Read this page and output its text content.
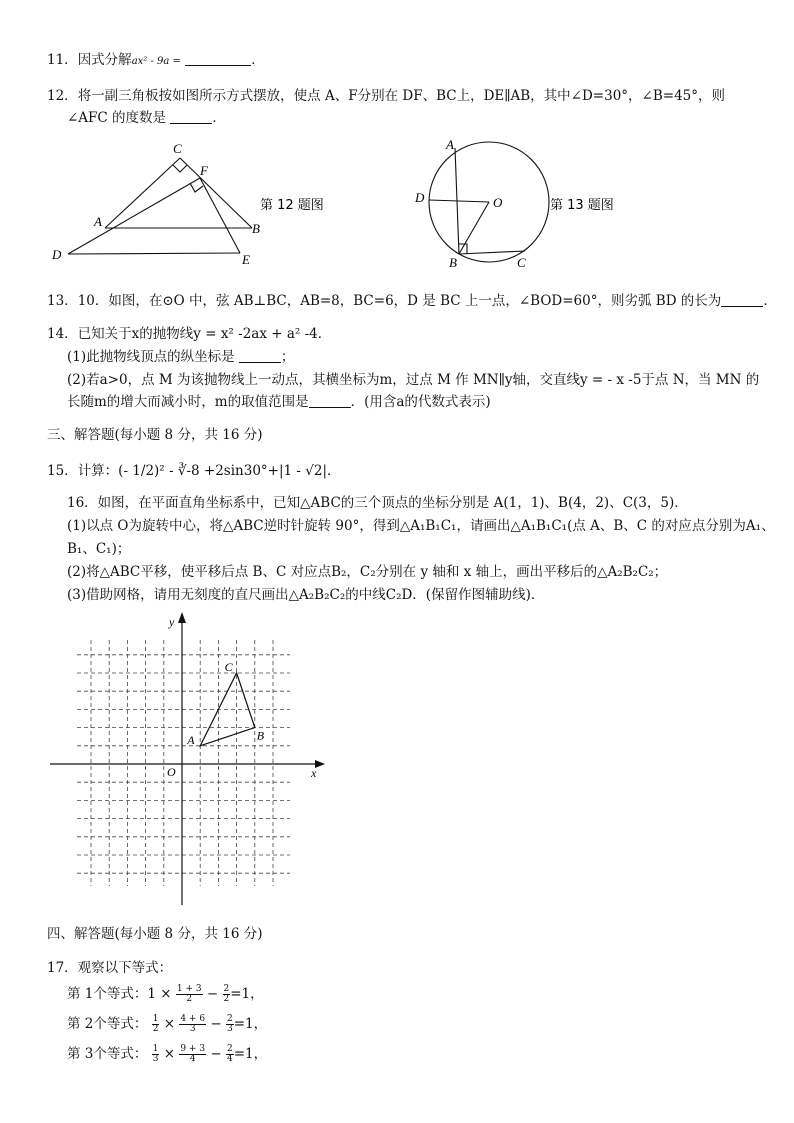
11．因式分解ax² - 9a =	．
12．将一副三角板按如图所示方式摆放，使点 A、F分别在 DF、BC上，DE∥AB，其中∠D=30°，∠B=45°，则
∠AFC 的度数是	．
C
F
A	B
D	E
第 12 题图
A
D	O
B	C
第 13 题图
13．10．如图，在⊙O 中，弦 AB⊥BC，AB=8，BC=6，D 是 BC 上一点，∠BOD=60°，则劣弧 BD 的长为	．
14．已知关于x的抛物线y = x² -2ax + a² -4．
(1)此抛物线顶点的纵坐标是	；
(2)若a>0，点 M 为该抛物线上一动点，其横坐标为m，过点 M 作 MN∥y轴，交直线y = - x -5于点 N，当 MN 的
长随m的增大而减小时，m的取值范围是	．(用含a的代数式表示)
三、解答题(每小题 8 分，共 16 分)
15．计算：(- 1/2)² - ∛-8 +2sin30°+|1 - √2|．
16．如图，在平面直角坐标系中，已知△ABC的三个顶点的坐标分别是 A(1，1)、B(4，2)、C(3，5)．
(1)以点 O为旋转中心，将△ABC逆时针旋转 90°，得到△A₁B₁C₁，请画出△A₁B₁C₁(点 A、B、C 的对应点分别为A₁、
B₁、C₁)；
(2)将△ABC平移，使平移后点 B、C 对应点B₂，C₂分别在 y 轴和 x 轴上，画出平移后的△A₂B₂C₂；
(3)借助网格，请用无刻度的直尺画出△A₂B₂C₂的中线C₂D．(保留作图辅助线)．
x
y
O
A	B
C
四、解答题(每小题 8 分，共 16 分)
17．观察以下等式：
第 1个等式：$1 \times \frac{1 + 3}{2} - \frac{2}{2} =1$，
第 2个等式： $\frac{1}{2} \times \frac{4 + 6}{3} - \frac{2}{3} =1$，
第 3个等式： $\frac{1}{3} \times \frac{9 + 3}{4} - \frac{2}{4} =1$，
